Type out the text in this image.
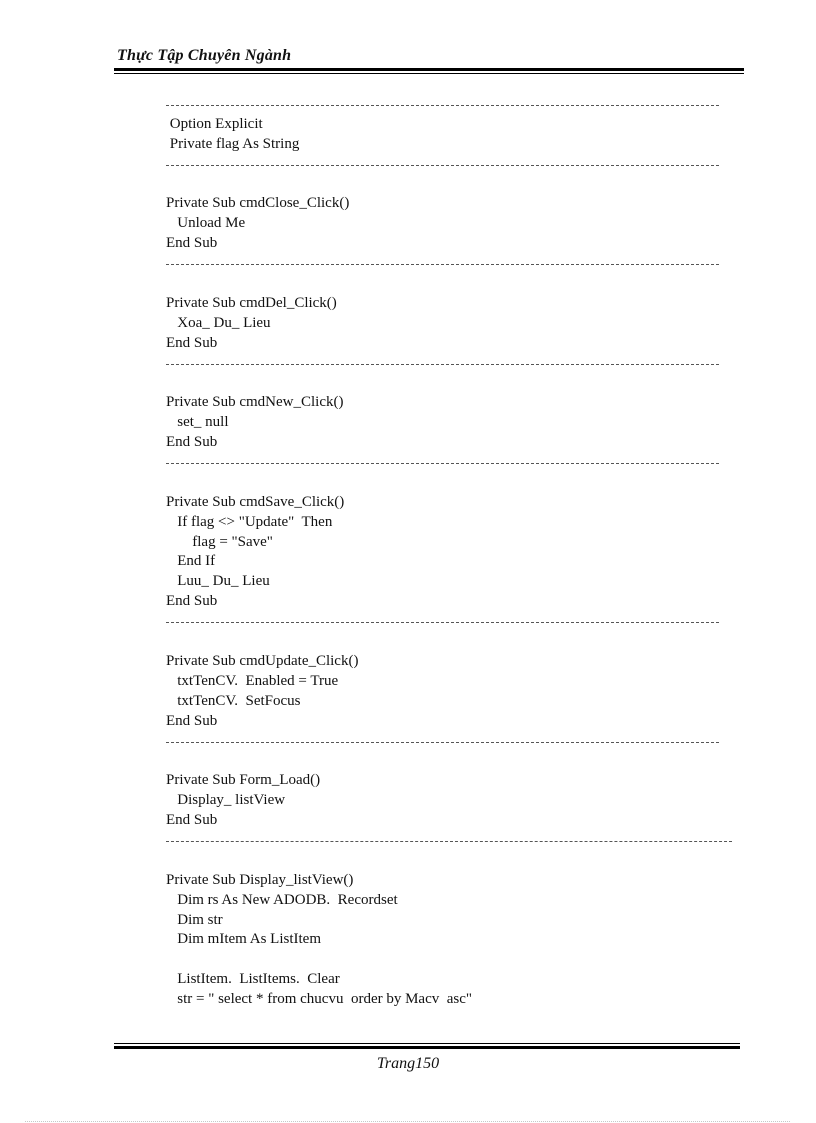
Thực Tập Chuyên Ngành
Option Explicit
Private flag As String
Private Sub cmdClose_Click()
Unload Me
End Sub
Private Sub cmdDel_Click()
Xoa_ Du_ Lieu
End Sub
Private Sub cmdNew_Click()
set_ null
End Sub
Private Sub cmdSave_Click()
If flag <> "Update"  Then
flag = "Save"
End If
Luu_ Du_ Lieu
End Sub
Private Sub cmdUpdate_Click()
txtTenCV.  Enabled = True
txtTenCV.  SetFocus
End Sub
Private Sub Form_Load()
Display_ listView
End Sub
Private Sub Display_listView()
Dim rs As New ADODB.  Recordset
Dim str
Dim mItem As ListItem
ListItem.  ListItems.  Clear
str = " select * from chucvu  order by Macv  asc"
Trang150
